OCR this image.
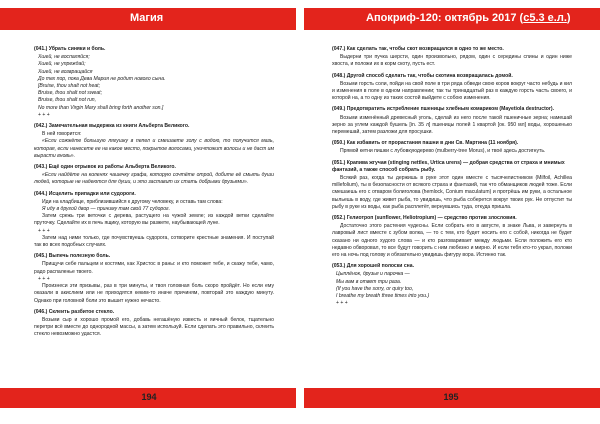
Магия
(041.) Убрать синяки и боль.
Хшей, не воспаляйся;
Хшей, не упреждай;
Хшей, не возвращайся
До тех пор, пока Дева Мария не родит нового сына.
[Bruise, thou shalt not heat;
Bruise, thou shalt not sweat;
Bruise, thou shalt not run,
No more than Virgin Mary shall bring forth another son.]
+ + +
(042.) Замечательная выдержка из книги Альберта Великого.
В ней говорится:
«Если сожжёте большую лягушку в пепел и смешаете золу с водою, то получится мазь, которая, если нанесете ее на какое место, покрытое волосами, уничтожит волосы и не даст им вырасти вновь».
(043.) Ещё один отрывок из работы Альберта Великого.
«Если найдёте на коленях чашечку графа, которую сочтёте отрой, добите её смыть души людей, которые не надеются для души, и это заставит их стать добрыми друзьями».
(044.) Исцелить припадки или судороги.
Иди на кладбище, приблизившийся к другому человеку, и оставь там слова:
Я иду в другой двор — приниму там свой 77 судорог.
Затем срежь три веточки с дерева, растущего на чужой земле; из каждой ветки сделайте пруточку. Сделайте их в печь ящику, которую вы разжете, наубывающей луне.
+ + +
Затем над ними только, где почувствуешь судорога, сотворите крестные знамения. И поступай так во всех подобных случаях.
(045.) Выпечь полезную боль.
Прищучи себе пальцем и костями, как Христос в раны: и кто поможет тебе, и скажу тебе, чамо, радо распаленье твоего.
+ + +
Произнеси эти призывы, раз в три минуты, и твоя головная боль скоро пройдёт. Но если ему оказали в акислием или не приходятся кеким-то иначе причиням, повторай это каждую минуту. Однако при головной боли это вышит нужно нечасто.
(046.) Склеить разбитое стекло.
Возьми сыр и хорошо промой его, добавь негашёную известь и яичный белок, тщательно перетри всё вместе до однородной массы, а затем используй. Если сделать это правильно, склеить стекло невозможно удастся.
194
Апокриф-120: октябрь 2017 (с5.3 е.л.)
(047.) Как сделать так, чтобы скот возвращался в одно то же место.
Выдерни три пучка шерсти, один произвольно, рядом, один с середины спины и один ниже хвоста, и положи их в корм скоту, пусть ест.
(048.) Другой способ сделать так, чтобы скотина возвращалась домой.
Возьми горсть соли, пойди на свой поле в три ряда обведи свою коров вокруг часто небудь и кил и изменения в поле в одном направлении; так ты тринадцатый раз в каждую горсть часть своего, и которой на, а то одну из таких состой выйдете с собою изменения.
(049.) Предотвратить истребление пшеницы хлебным комариком (Mayetiola destructor).
Возьми изменённый древесный уголь, сделай из него после такой пшеничные зерна; намешай зерно за углем каждой бушель [in. 35 л] пшеницы полей 1 квартой [ок. 950 мл] воды, хорошенько перемешай, затем разложи для просушки.
(050.) Как избавить от прорастания пашни в дни Св. Мартина (11 ноября).
Прямой кетни пишки с лубовкуюдерево (mulberry-tree Morus), и твоё здесь достигнуть.
(051.) Крапива жгучая (stinging nettles, Urtica urens) — добрая средства от страха и мнимых фантазий, а также способ собрать рыбу.
Всякий раз, когда ты держишь в руке этот один вместе с тысячелистником (Milfoil, Achillea millefolium), ты в безопасности от всякого страха и фантазий, так что обманщиков людей тоже. Если смешаешь его с отваром болиголова (hemlock, Conium maculatum) и протрёшь им руки, а остальное выльешь в воду, где живет рыба, то увидишь, что рыба соберется вокруг твоих рук. Не отпустит ты рыбу в руке из воды, как рыба расплетёт, вернувшись туда, откуда пришла.
(052.) Гелиотроп (sunflower, Heliotropium) — средство против злословия.
Достаточно этого растения чудесны. Если собрать его в августе, в знаке Льва, и завернуть в лавровый лист вместе с зубом волка, — то с тем, кто будет носить его с собой, никогда не будет сказано ни одного худого слова — и кто разговаривает между людьми. Если положить его кто недавно обворовал, то все будут говорить с ним любезно и мирно. И если тебя кто-то украл, положи его на ночь под голову и обязательно увидишь фигуру вора. Истинно так.
(053.) Для хорошей полоски сна.
Цыплёнок, друзья и парочка —
Мы вам в ответ три раза.
(If you have the sorry, or quiry too,
I breathe my breath three times into you.)
+ + +
195
